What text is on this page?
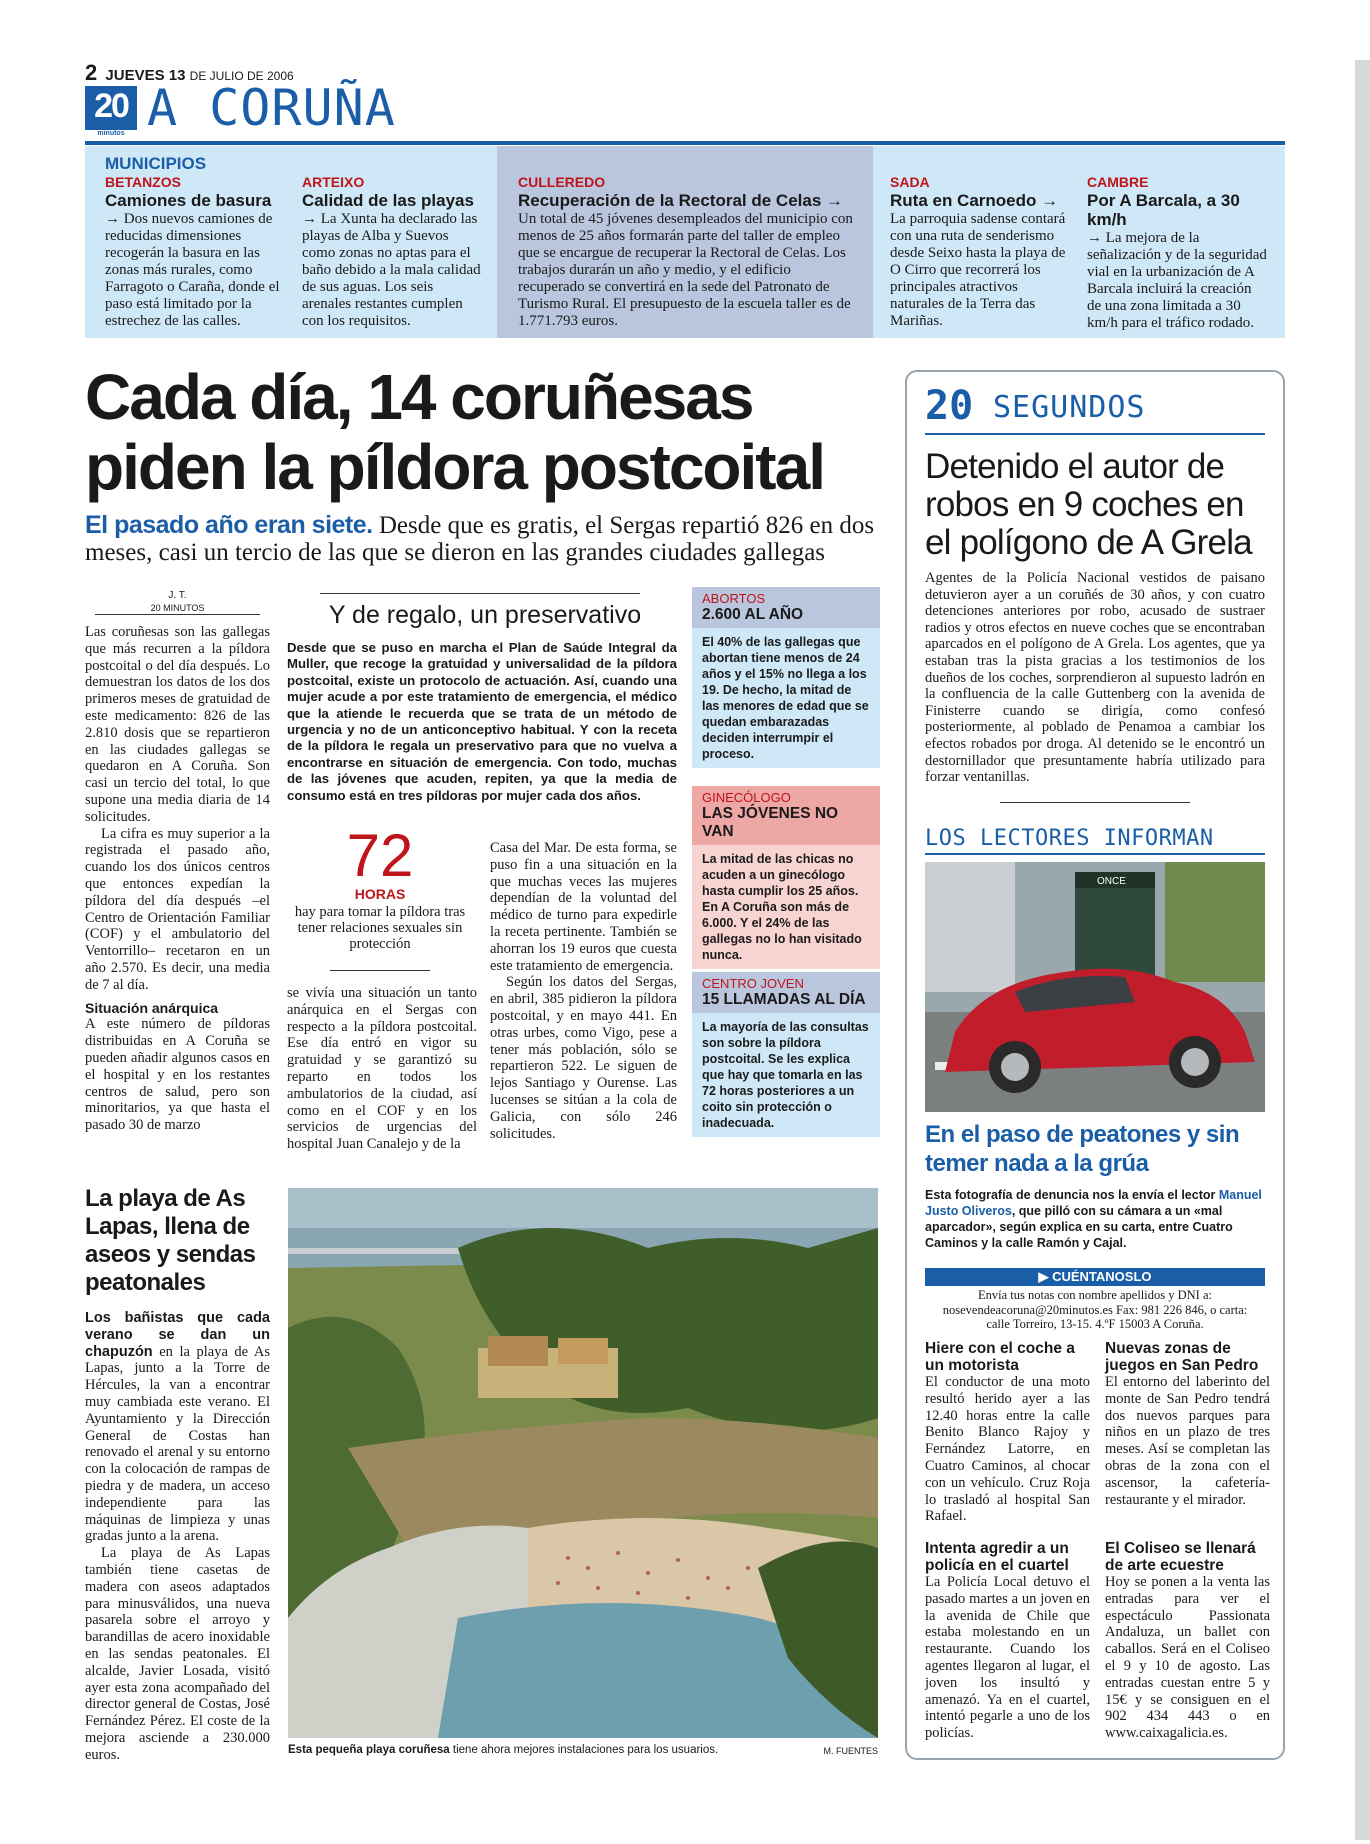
2 JUEVES 13 DE JULIO DE 2006
20
minutos A CORUÑA
MUNICIPIOS
BETANZOS
Camiones de basura
→ Dos nuevos camiones de reducidas dimensiones recogerán la basura en las zonas más rurales, como Farragoto o Caraña, donde el paso está limitado por la estrechez de las calles.
ARTEIXO
Calidad de las playas
→ La Xunta ha declarado las playas de Alba y Suevos como zonas no aptas para el baño debido a la mala calidad de sus aguas. Los seis arenales restantes cumplen con los requisitos.
CULLEREDO
Recuperación de la Rectoral de Celas →
Un total de 45 jóvenes desempleados del municipio con menos de 25 años formarán parte del taller de empleo que se encargue de recuperar la Rectoral de Celas. Los trabajos durarán un año y medio, y el edificio recuperado se convertirá en la sede del Patronato de Turismo Rural. El presupuesto de la escuela taller es de 1.771.793 euros.
SADA
Ruta en Carnoedo →
La parroquia sadense contará con una ruta de senderismo desde Seixo hasta la playa de O Cirro que recorrerá los principales atractivos naturales de la Terra das Mariñas.
CAMBRE
Por A Barcala, a 30 km/h
→ La mejora de la señalización y de la seguridad vial en la urbanización de A Barcala incluirá la creación de una zona limitada a 30 km/h para el tráfico rodado.
Cada día, 14 coruñesas piden la píldora postcoital
El pasado año eran siete. Desde que es gratis, el Sergas repartió 826 en dos meses, casi un tercio de las que se dieron en las grandes ciudades gallegas
J. T.
20 MINUTOS

Las coruñesas son las gallegas que más recurren a la píldora postcoital o del día después. Lo demuestran los datos de los dos primeros meses de gratuidad de este medicamento: 826 de las 2.810 dosis que se repartieron en las ciudades gallegas se quedaron en A Coruña. Son casi un tercio del total, lo que supone una media diaria de 14 solicitudes.

La cifra es muy superior a la registrada el pasado año, cuando los dos únicos centros que entonces expedían la píldora del día después –el Centro de Orientación Familiar (COF) y el ambulatorio del Ventorrillo– recetaron en un año 2.570. Es decir, una media de 7 al día.

Situación anárquica

A este número de píldoras distribuidas en A Coruña se pueden añadir algunos casos en el hospital y en los restantes centros de salud, pero son minoritarios, ya que hasta el pasado 30 de marzo

Y de regalo, un preservativo
Desde que se puso en marcha el Plan de Saúde Integral da Muller, que recoge la gratuidad y universalidad de la píldora postcoital, existe un protocolo de actuación. Así, cuando una mujer acude a por este tratamiento de emergencia, el médico que la atiende le recuerda que se trata de un método de urgencia y no de un anticonceptivo habitual. Y con la receta de la píldora le regala un preservativo para que no vuelva a encontrarse en situación de emergencia. Con todo, muchas de las jóvenes que acuden, repiten, ya que la media de consumo está en tres píldoras por mujer cada dos años.
72
HORAS
hay para tomar la píldora tras tener relaciones sexuales sin protección

se vivía una situación un tanto anárquica en el Sergas con respecto a la píldora postcoital. Ese día entró en vigor su gratuidad y se garantizó su reparto en todos los ambulatorios de la ciudad, así como en el COF y en los servicios de urgencias del hospital Juan Canalejo y de la

Casa del Mar. De esta forma, se puso fin a una situación en la que muchas veces las mujeres dependían de la voluntad del médico de turno para expedirle la receta pertinente. También se ahorran los 19 euros que cuesta este tratamiento de emergencia.

Según los datos del Sergas, en abril, 385 pidieron la píldora postcoital, y en mayo 441. En otras urbes, como Vigo, pese a tener más población, sólo se repartieron 522. Le siguen de lejos Santiago y Ourense. Las lucenses se sitúan a la cola de Galicia, con sólo 246 solicitudes.

ABORTOS
2.600 AL AÑO
El 40% de las gallegas que abortan tiene menos de 24 años y el 15% no llega a los 19. De hecho, la mitad de las menores de edad que se quedan embarazadas deciden interrumpir el proceso.
GINECÓLOGO
LAS JÓVENES NO VAN
La mitad de las chicas no acuden a un ginecólogo hasta cumplir los 25 años. En A Coruña son más de 6.000. Y el 24% de las gallegas no lo han visitado nunca.
CENTRO JOVEN
15 LLAMADAS AL DÍA
La mayoría de las consultas son sobre la píldora postcoital. Se les explica que hay que tomarla en las 72 horas posteriores a un coito sin protección o inadecuada.
La playa de As Lapas, llena de aseos y sendas peatonales

Los bañistas que cada verano se dan un chapuzón en la playa de As Lapas, junto a la Torre de Hércules, la van a encontrar muy cambiada este verano. El Ayuntamiento y la Dirección General de Costas han renovado el arenal y su entorno con la colocación de rampas de piedra y de madera, un acceso independiente para las máquinas de limpieza y unas gradas junto a la arena.

La playa de As Lapas también tiene casetas de madera con aseos adaptados para minusválidos, una nueva pasarela sobre el arroyo y barandillas de acero inoxidable en las sendas peatonales. El alcalde, Javier Losada, visitó ayer esta zona acompañado del director general de Costas, José Fernández Pérez. El coste de la mejora asciende a 230.000 euros.	Esta pequeña playa coruñesa tiene ahora mejores instalaciones para los usuarios.	M. FUENTES
20 SEGUNDOS
Detenido el autor de robos en 9 coches en el polígono de A Grela
Agentes de la Policía Nacional vestidos de paisano detuvieron ayer a un coruñés de 30 años, y con cuatro detenciones anteriores por robo, acusado de sustraer radios y otros efectos en nueve coches que se encontraban aparcados en el polígono de A Grela. Los agentes, que ya estaban tras la pista gracias a los testimonios de los dueños de los coches, sorprendieron al supuesto ladrón en la confluencia de la calle Guttenberg con la avenida de Finisterre cuando se dirigía, como confesó posteriormente, al poblado de Penamoa a cambiar los efectos robados por droga. Al detenido se le encontró un destornillador que presuntamente habría utilizado para forzar ventanillas.
LOS LECTORES INFORMAN
ONCE
En el paso de peatones y sin temer nada a la grúa
Esta fotografía de denuncia nos la envía el lector Manuel Justo Oliveros, que pilló con su cámara a un «mal aparcador», según explica en su carta, entre Cuatro Caminos y la calle Ramón y Cajal.
▶ CUÉNTANOSLO
Envía tus notas con nombre apellidos y DNI a:
nosevendeacoruna@20minutos.es Fax: 981 226 846, o carta:
calle Torreiro, 13-15. 4.ºF 15003 A Coruña.
Hiere con el coche a un motorista
El conductor de una moto resultó herido ayer a las 12.40 horas entre la calle Benito Blanco Rajoy y Fernández Latorre, en Cuatro Caminos, al chocar con un vehículo. Cruz Roja lo trasladó al hospital San Rafael.
Nuevas zonas de juegos en San Pedro
El entorno del laberinto del monte de San Pedro tendrá dos nuevos parques para niños en un plazo de tres meses. Así se completan las obras de la zona con el ascensor, la cafetería-restaurante y el mirador.
Intenta agredir a un policía en el cuartel
La Policía Local detuvo el pasado martes a un joven en la avenida de Chile que estaba molestando en un restaurante. Cuando los agentes llegaron al lugar, el joven los insultó y amenazó. Ya en el cuartel, intentó pegarle a uno de los policías.
El Coliseo se llenará de arte ecuestre
Hoy se ponen a la venta las entradas para ver el espectáculo Passionata Andaluza, un ballet con caballos. Será en el Coliseo el 9 y 10 de agosto. Las entradas cuestan entre 5 y 15€ y se consiguen en el 902 434 443 o en www.caixagalicia.es.
